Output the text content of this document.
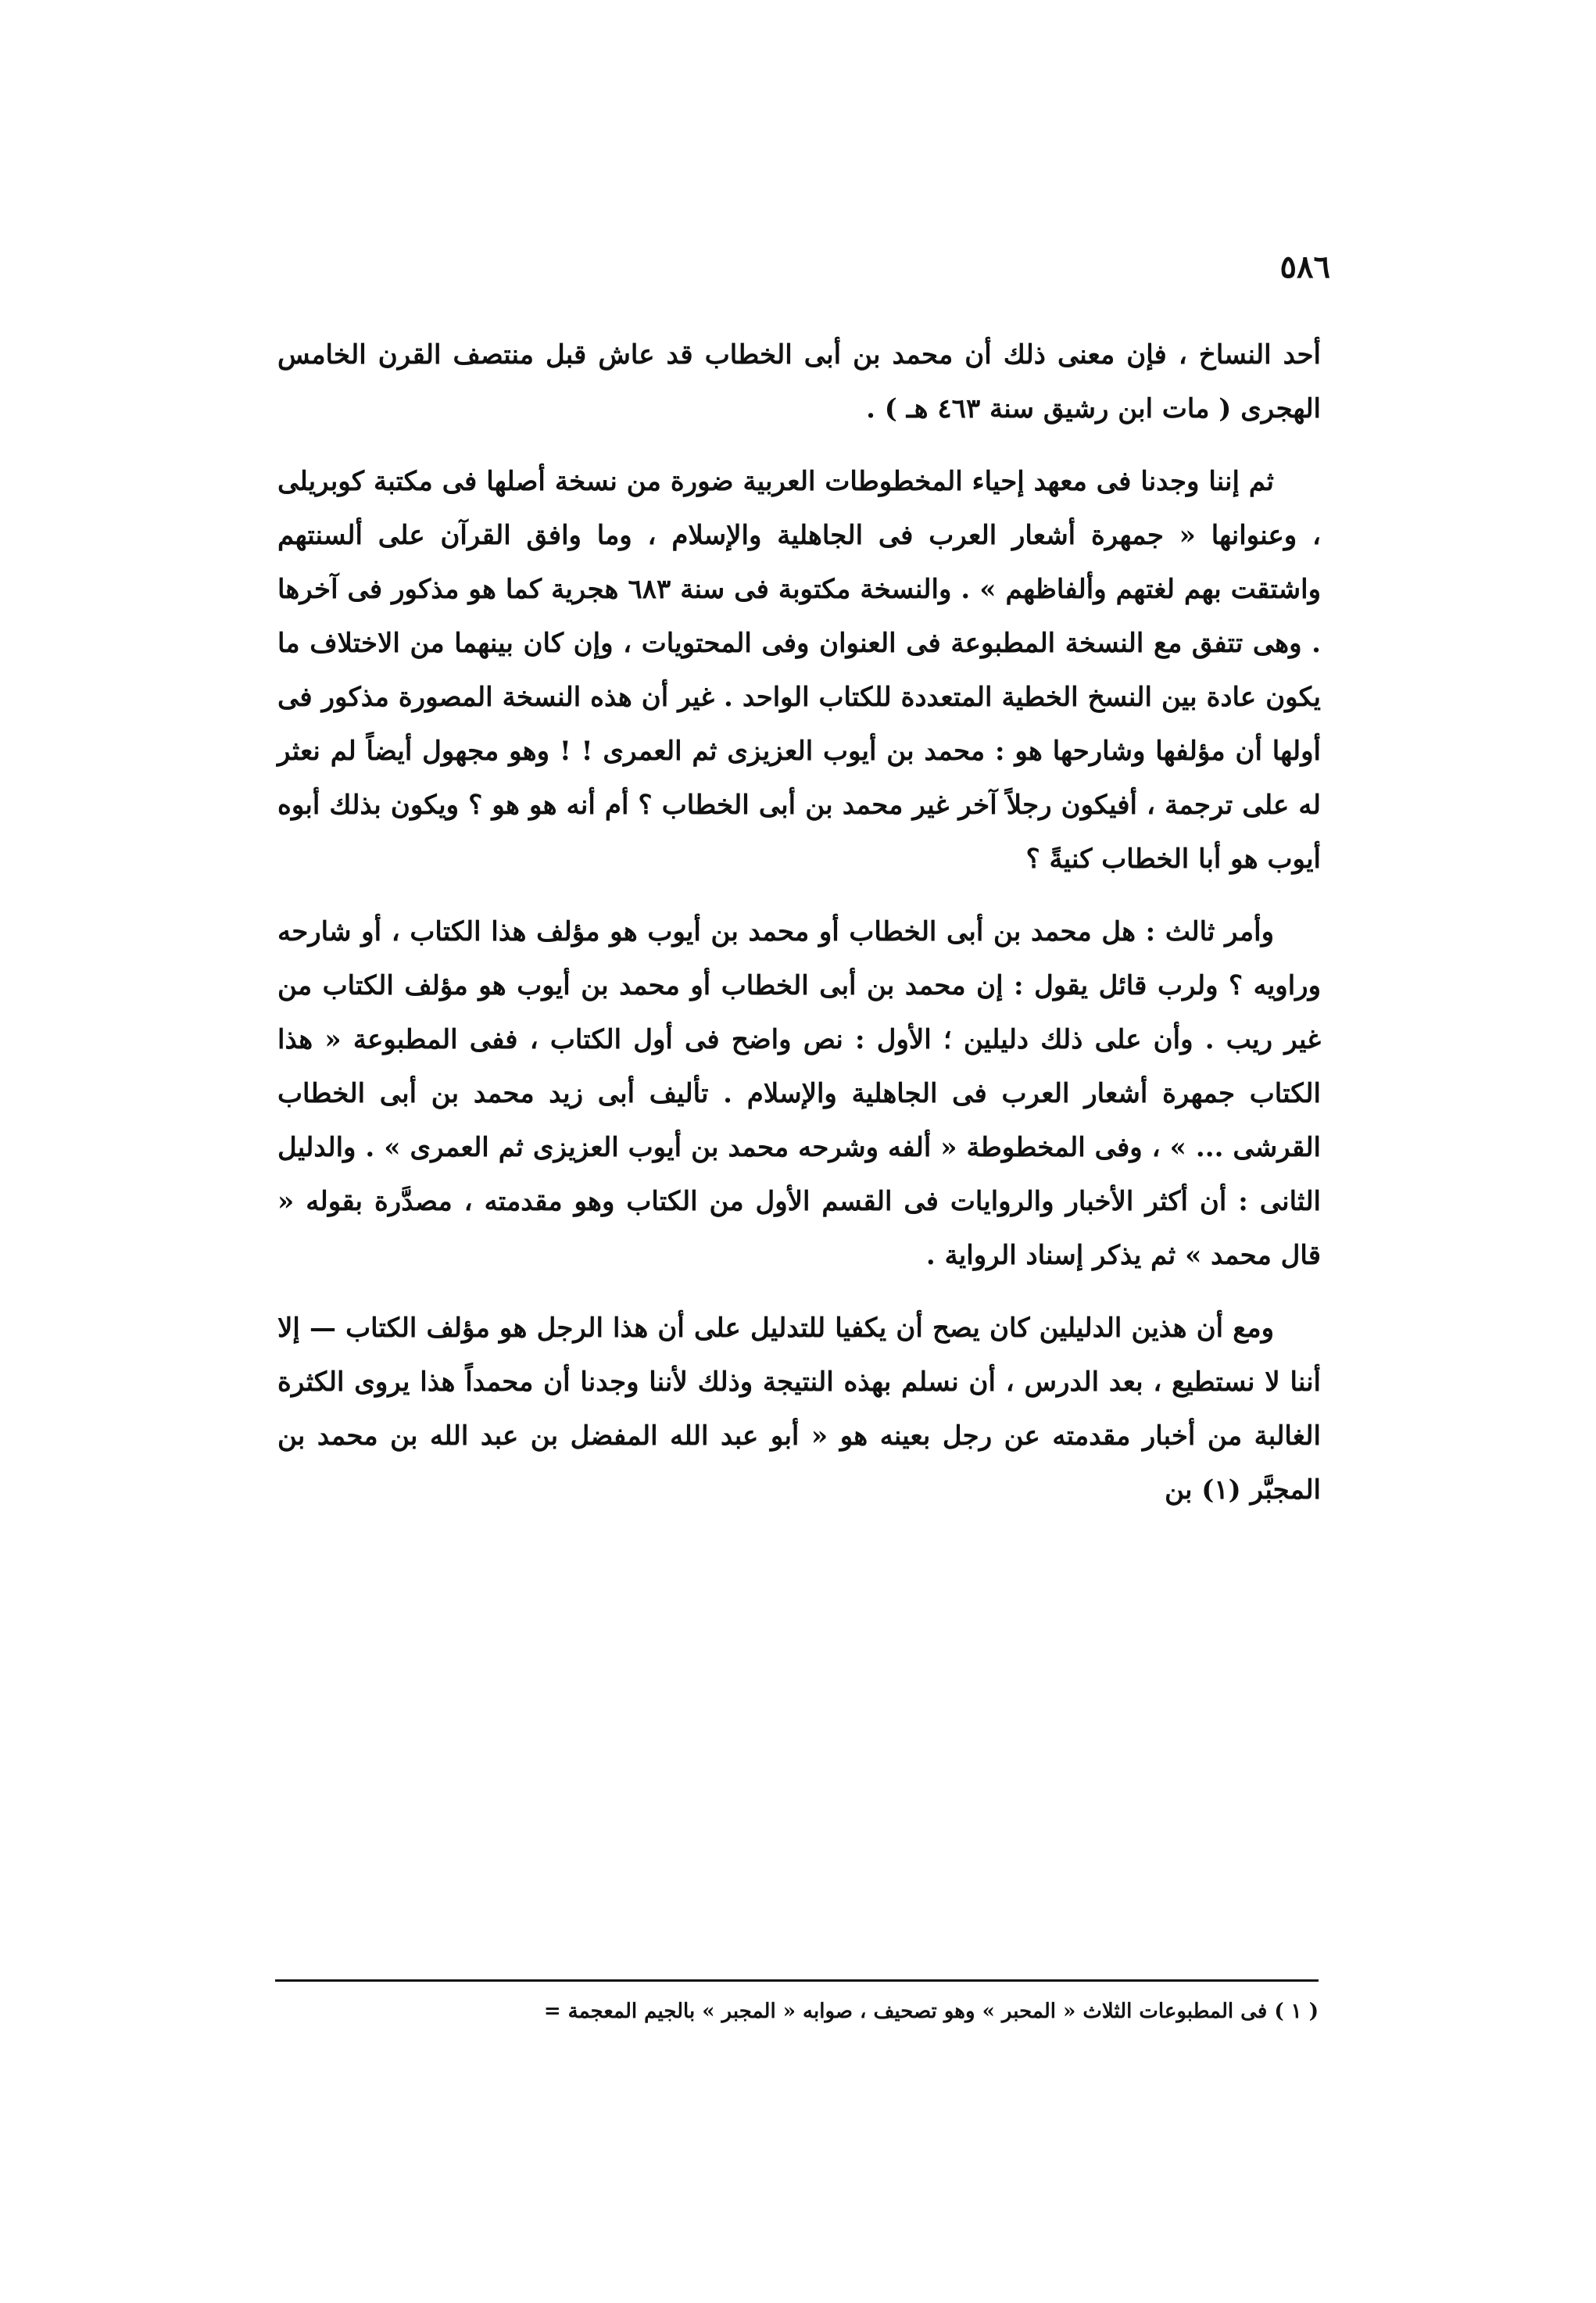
٥٨٦

أحد النساخ ، فإن معنى ذلك أن محمد بن أبى الخطاب قد عاش قبل منتصف القرن الخامس الهجرى ( مات ابن رشيق سنة ٤٦٣ هـ ) .

ثم إننا وجدنا فى معهد إحياء المخطوطات العربية ضورة من نسخة أصلها فى مكتبة كوبريلى ، وعنوانها « جمهرة أشعار العرب فى الجاهلية والإسلام ، وما وافق القرآن على ألسنتهم واشتقت بهم لغتهم وألفاظهم » . والنسخة مكتوبة فى سنة ٦٨٣ هجرية كما هو مذكور فى آخرها . وهى تتفق مع النسخة المطبوعة فى العنوان وفى المحتويات ، وإن كان بينهما من الاختلاف ما يكون عادة بين النسخ الخطية المتعددة للكتاب الواحد . غير أن هذه النسخة المصورة مذكور فى أولها أن مؤلفها وشارحها هو : محمد بن أيوب العزيزى ثم العمرى ! ! وهو مجهول أيضاً لم نعثر له على ترجمة ، أفيكون رجلاً آخر غير محمد بن أبى الخطاب ؟ أم أنه هو هو ؟ ويكون بذلك أبوه أيوب هو أبا الخطاب كنيةً ؟

وأمر ثالث : هل محمد بن أبى الخطاب أو محمد بن أيوب هو مؤلف هذا الكتاب ، أو شارحه وراويه ؟ ولرب قائل يقول : إن محمد بن أبى الخطاب أو محمد بن أيوب هو مؤلف الكتاب من غير ريب . وأن على ذلك دليلين ؛ الأول : نص واضح فى أول الكتاب ، ففى المطبوعة « هذا الكتاب جمهرة أشعار العرب فى الجاهلية والإسلام . تأليف أبى زيد محمد بن أبى الخطاب القرشى ... » ، وفى المخطوطة « ألفه وشرحه محمد بن أيوب العزيزى ثم العمرى » . والدليل الثانى : أن أكثر الأخبار والروايات فى القسم الأول من الكتاب وهو مقدمته ، مصدَّرة بقوله « قال محمد » ثم يذكر إسناد الرواية .

ومع أن هذين الدليلين كان يصح أن يكفيا للتدليل على أن هذا الرجل هو مؤلف الكتاب — إلا أننا لا نستطيع ، بعد الدرس ، أن نسلم بهذه النتيجة وذلك لأننا وجدنا أن محمداً هذا يروى الكثرة الغالبة من أخبار مقدمته عن رجل بعينه هو « أبو عبد الله المفضل بن عبد الله بن محمد بن المجبَّر (١) بن

( ١ ) فى المطبوعات الثلاث « المحبر » وهو تصحيف ، صوابه « المجبر » بالجيم المعجمة =
